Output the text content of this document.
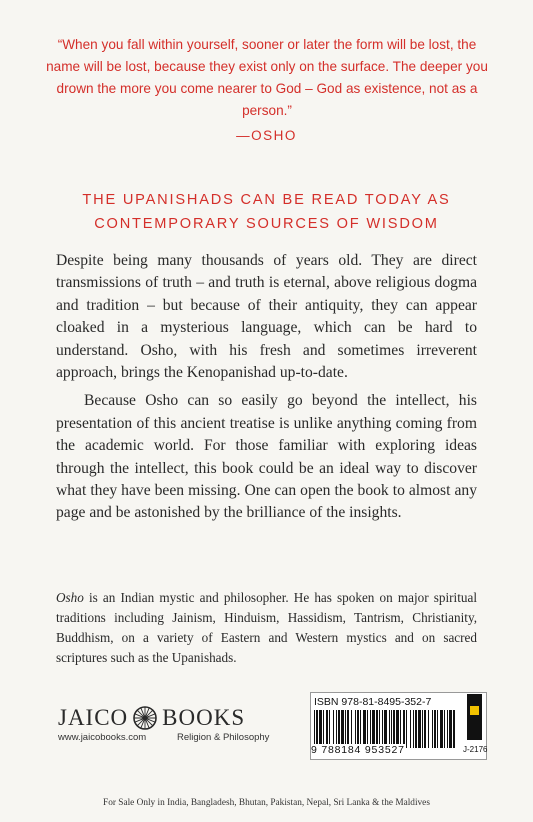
“When you fall within yourself, sooner or later the form will be lost, the name will be lost, because they exist only on the surface. The deeper you drown the more you come nearer to God – God as existence, not as a person.”
—OSHO
THE UPANISHADS CAN BE READ TODAY AS
CONTEMPORARY SOURCES OF WISDOM

Despite being many thousands of years old. They are direct transmissions of truth – and truth is eternal, above religious dogma and tradition – but because of their antiquity, they can appear cloaked in a mysterious language, which can be hard to understand. Osho, with his fresh and sometimes irreverent approach, brings the Kenopanishad up-to-date.

Because Osho can so easily go beyond the intellect, his presentation of this ancient treatise is unlike anything coming from the academic world. For those familiar with exploring ideas through the intellect, this book could be an ideal way to discover what they have been missing. One can open the book to almost any page and be astonished by the brilliance of the insights.

Osho is an Indian mystic and philosopher. He has spoken on major spiritual traditions including Jainism, Hinduism, Hassidism, Tantrism, Christianity, Buddhism, on a variety of Eastern and Western mystics and on sacred scriptures such as the Upanishads.
JAICO BOOKS
www.jaicobooks.com	Religion & Philosophy
ISBN 978-81-8495-352-7
9 788184 953527	J-2176
For Sale Only in India, Bangladesh, Bhutan, Pakistan, Nepal, Sri Lanka & the Maldives
